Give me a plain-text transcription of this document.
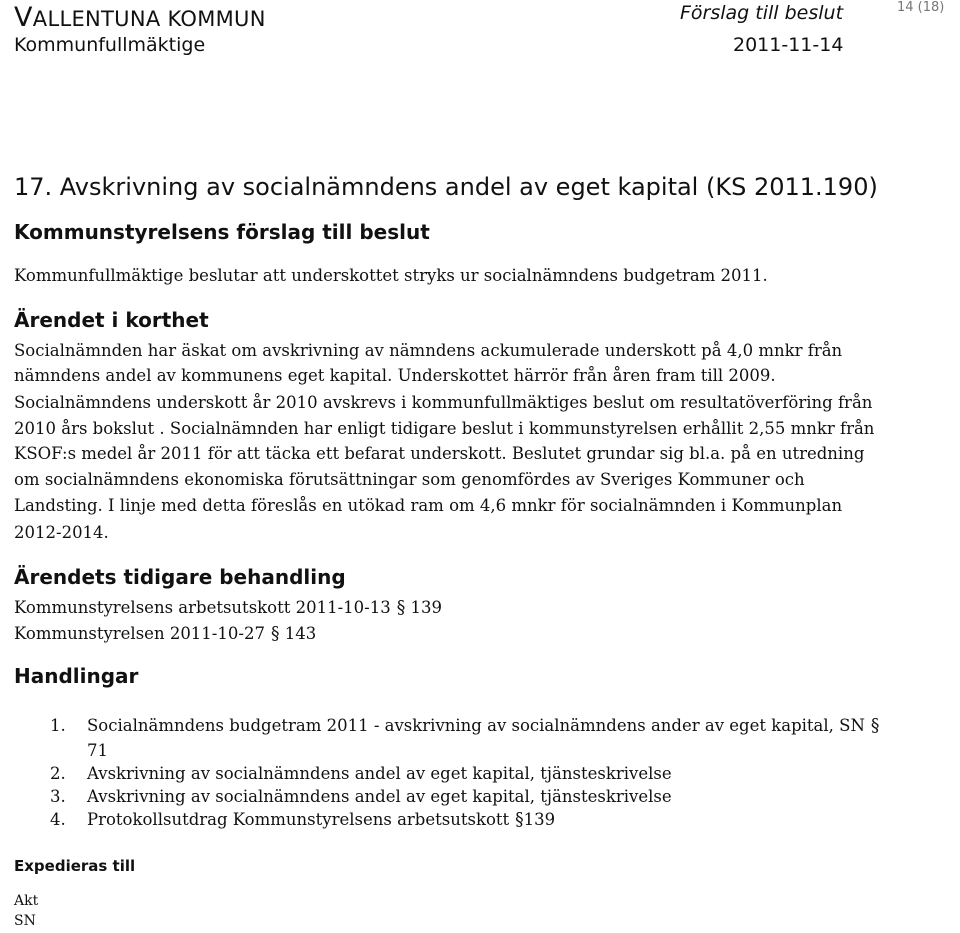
VALLENTUNA KOMMUN
Kommunfullmäktige
Förslag till beslut	14 (18)
2011-11-14
17. Avskrivning av socialnämndens andel av eget kapital (KS 2011.190)
Kommunstyrelsens förslag till beslut
Kommunfullmäktige beslutar att underskottet stryks ur socialnämndens budgetram 2011.
Ärendet i korthet
Socialnämnden har äskat om avskrivning av nämndens ackumulerade underskott på 4,0 mnkr från
nämndens andel av kommunens eget kapital. Underskottet härrör från åren fram till 2009.
Socialnämndens underskott år 2010 avskrevs i kommunfullmäktiges beslut om resultatöverföring från
2010 års bokslut . Socialnämnden har enligt tidigare beslut i kommunstyrelsen erhållit 2,55 mnkr från
KSOF:s medel år 2011 för att täcka ett befarat underskott. Beslutet grundar sig bl.a. på en utredning
om socialnämndens ekonomiska förutsättningar som genomfördes av Sveriges Kommuner och
Landsting. I linje med detta föreslås en utökad ram om 4,6 mnkr för socialnämnden i Kommunplan
2012-2014.
Ärendets tidigare behandling
Kommunstyrelsens arbetsutskott 2011-10-13 § 139
Kommunstyrelsen 2011-10-27 § 143
Handlingar
1. Socialnämndens budgetram 2011 - avskrivning av socialnämndens ander av eget kapital, SN §
71
2. Avskrivning av socialnämndens andel av eget kapital, tjänsteskrivelse
3. Avskrivning av socialnämndens andel av eget kapital, tjänsteskrivelse
4. Protokollsutdrag Kommunstyrelsens arbetsutskott §139
Expedieras till
Akt
SN
